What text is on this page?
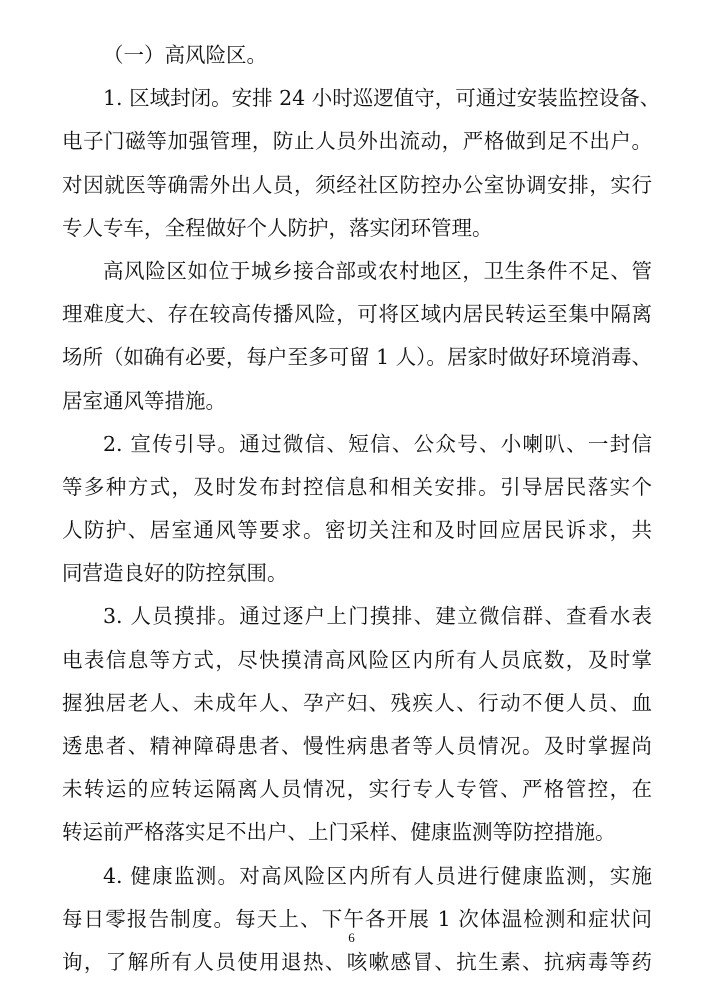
（一）高风险区。
1. 区域封闭。安排 24 小时巡逻值守，可通过安装监控设备、
电子门磁等加强管理，防止人员外出流动，严格做到足不出户。
对因就医等确需外出人员，须经社区防控办公室协调安排，实行
专人专车，全程做好个人防护，落实闭环管理。
高风险区如位于城乡接合部或农村地区，卫生条件不足、管
理难度大、存在较高传播风险，可将区域内居民转运至集中隔离
场所（如确有必要，每户至多可留 1 人）。居家时做好环境消毒、
居室通风等措施。
2. 宣传引导。通过微信、短信、公众号、小喇叭、一封信
等多种方式，及时发布封控信息和相关安排。引导居民落实个
人防护、居室通风等要求。密切关注和及时回应居民诉求，共
同营造良好的防控氛围。
3. 人员摸排。通过逐户上门摸排、建立微信群、查看水表
电表信息等方式，尽快摸清高风险区内所有人员底数，及时掌
握独居老人、未成年人、孕产妇、残疾人、行动不便人员、血
透患者、精神障碍患者、慢性病患者等人员情况。及时掌握尚
未转运的应转运隔离人员情况，实行专人专管、严格管控，在
转运前严格落实足不出户、上门采样、健康监测等防控措施。
4. 健康监测。对高风险区内所有人员进行健康监测，实施
每日零报告制度。每天上、下午各开展 1 次体温检测和症状问
询，了解所有人员使用退热、咳嗽感冒、抗生素、抗病毒等药
6
